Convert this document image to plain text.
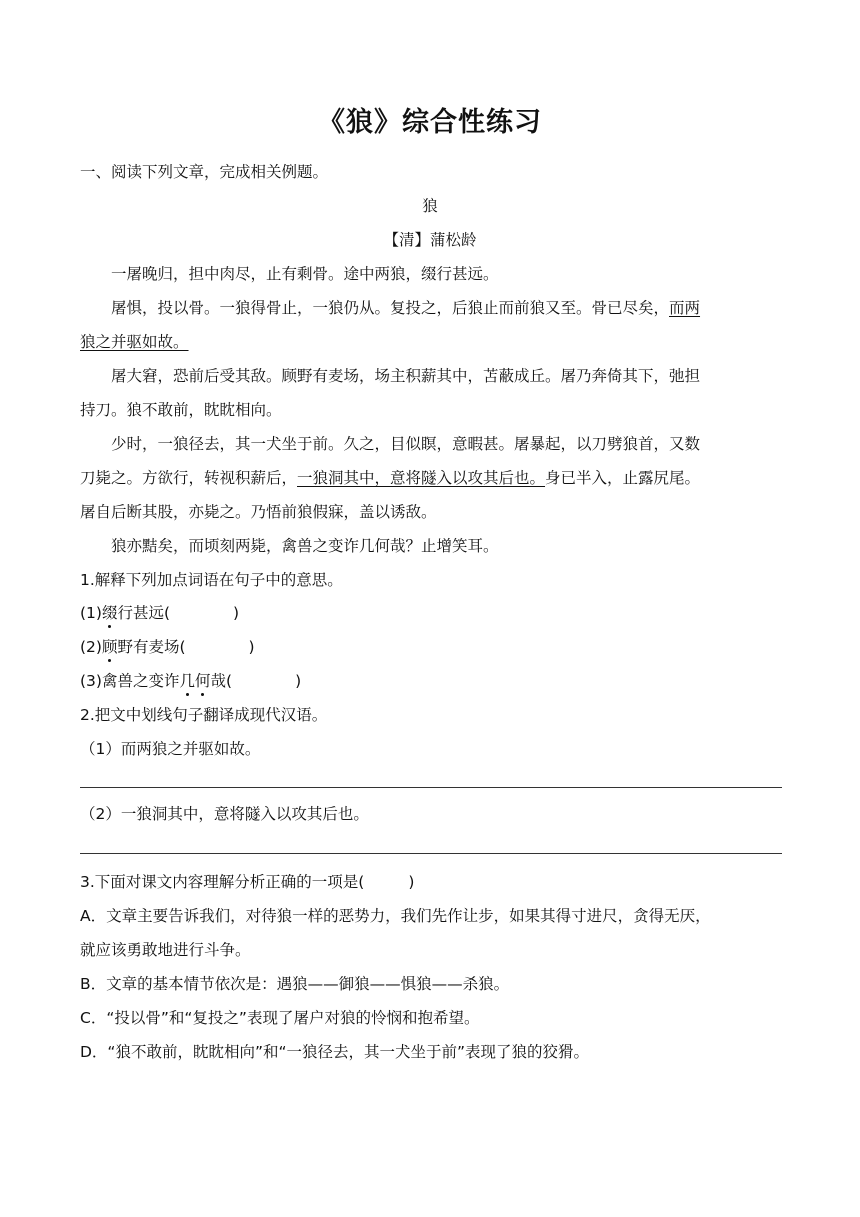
《狼》综合性练习
一、阅读下列文章，完成相关例题。
狼
【清】蒲松龄
一屠晚归，担中肉尽，止有剩骨。途中两狼，缀行甚远。
屠惧，投以骨。一狼得骨止，一狼仍从。复投之，后狼止而前狼又至。骨已尽矣，而两
狼之并驱如故。
屠大窘，恐前后受其敌。顾野有麦场，场主积薪其中，苫蔽成丘。屠乃奔倚其下，弛担
持刀。狼不敢前，眈眈相向。
少时，一狼径去，其一犬坐于前。久之，目似瞑，意暇甚。屠暴起，以刀劈狼首，又数
刀毙之。方欲行，转视积薪后，一狼洞其中，意将隧入以攻其后也。身已半入，止露尻尾。
屠自后断其股，亦毙之。乃悟前狼假寐，盖以诱敌。
狼亦黠矣，而顷刻两毙，禽兽之变诈几何哉？止增笑耳。
1.解释下列加点词语在句子中的意思。
(1)缀行甚远(	)
(2)顾野有麦场(	)
(3)禽兽之变诈几何哉(	)
2.把文中划线句子翻译成现代汉语。
（1）而两狼之并驱如故。
（2）一狼洞其中，意将隧入以攻其后也。
3.下面对课文内容理解分析正确的一项是(	)
A．文章主要告诉我们，对待狼一样的恶势力，我们先作让步，如果其得寸进尺，贪得无厌，
就应该勇敢地进行斗争。
B．文章的基本情节依次是：遇狼——御狼——惧狼——杀狼。
C．“投以骨”和“复投之”表现了屠户对狼的怜悯和抱希望。
D．“狼不敢前，眈眈相向”和“一狼径去，其一犬坐于前”表现了狼的狡猾。
